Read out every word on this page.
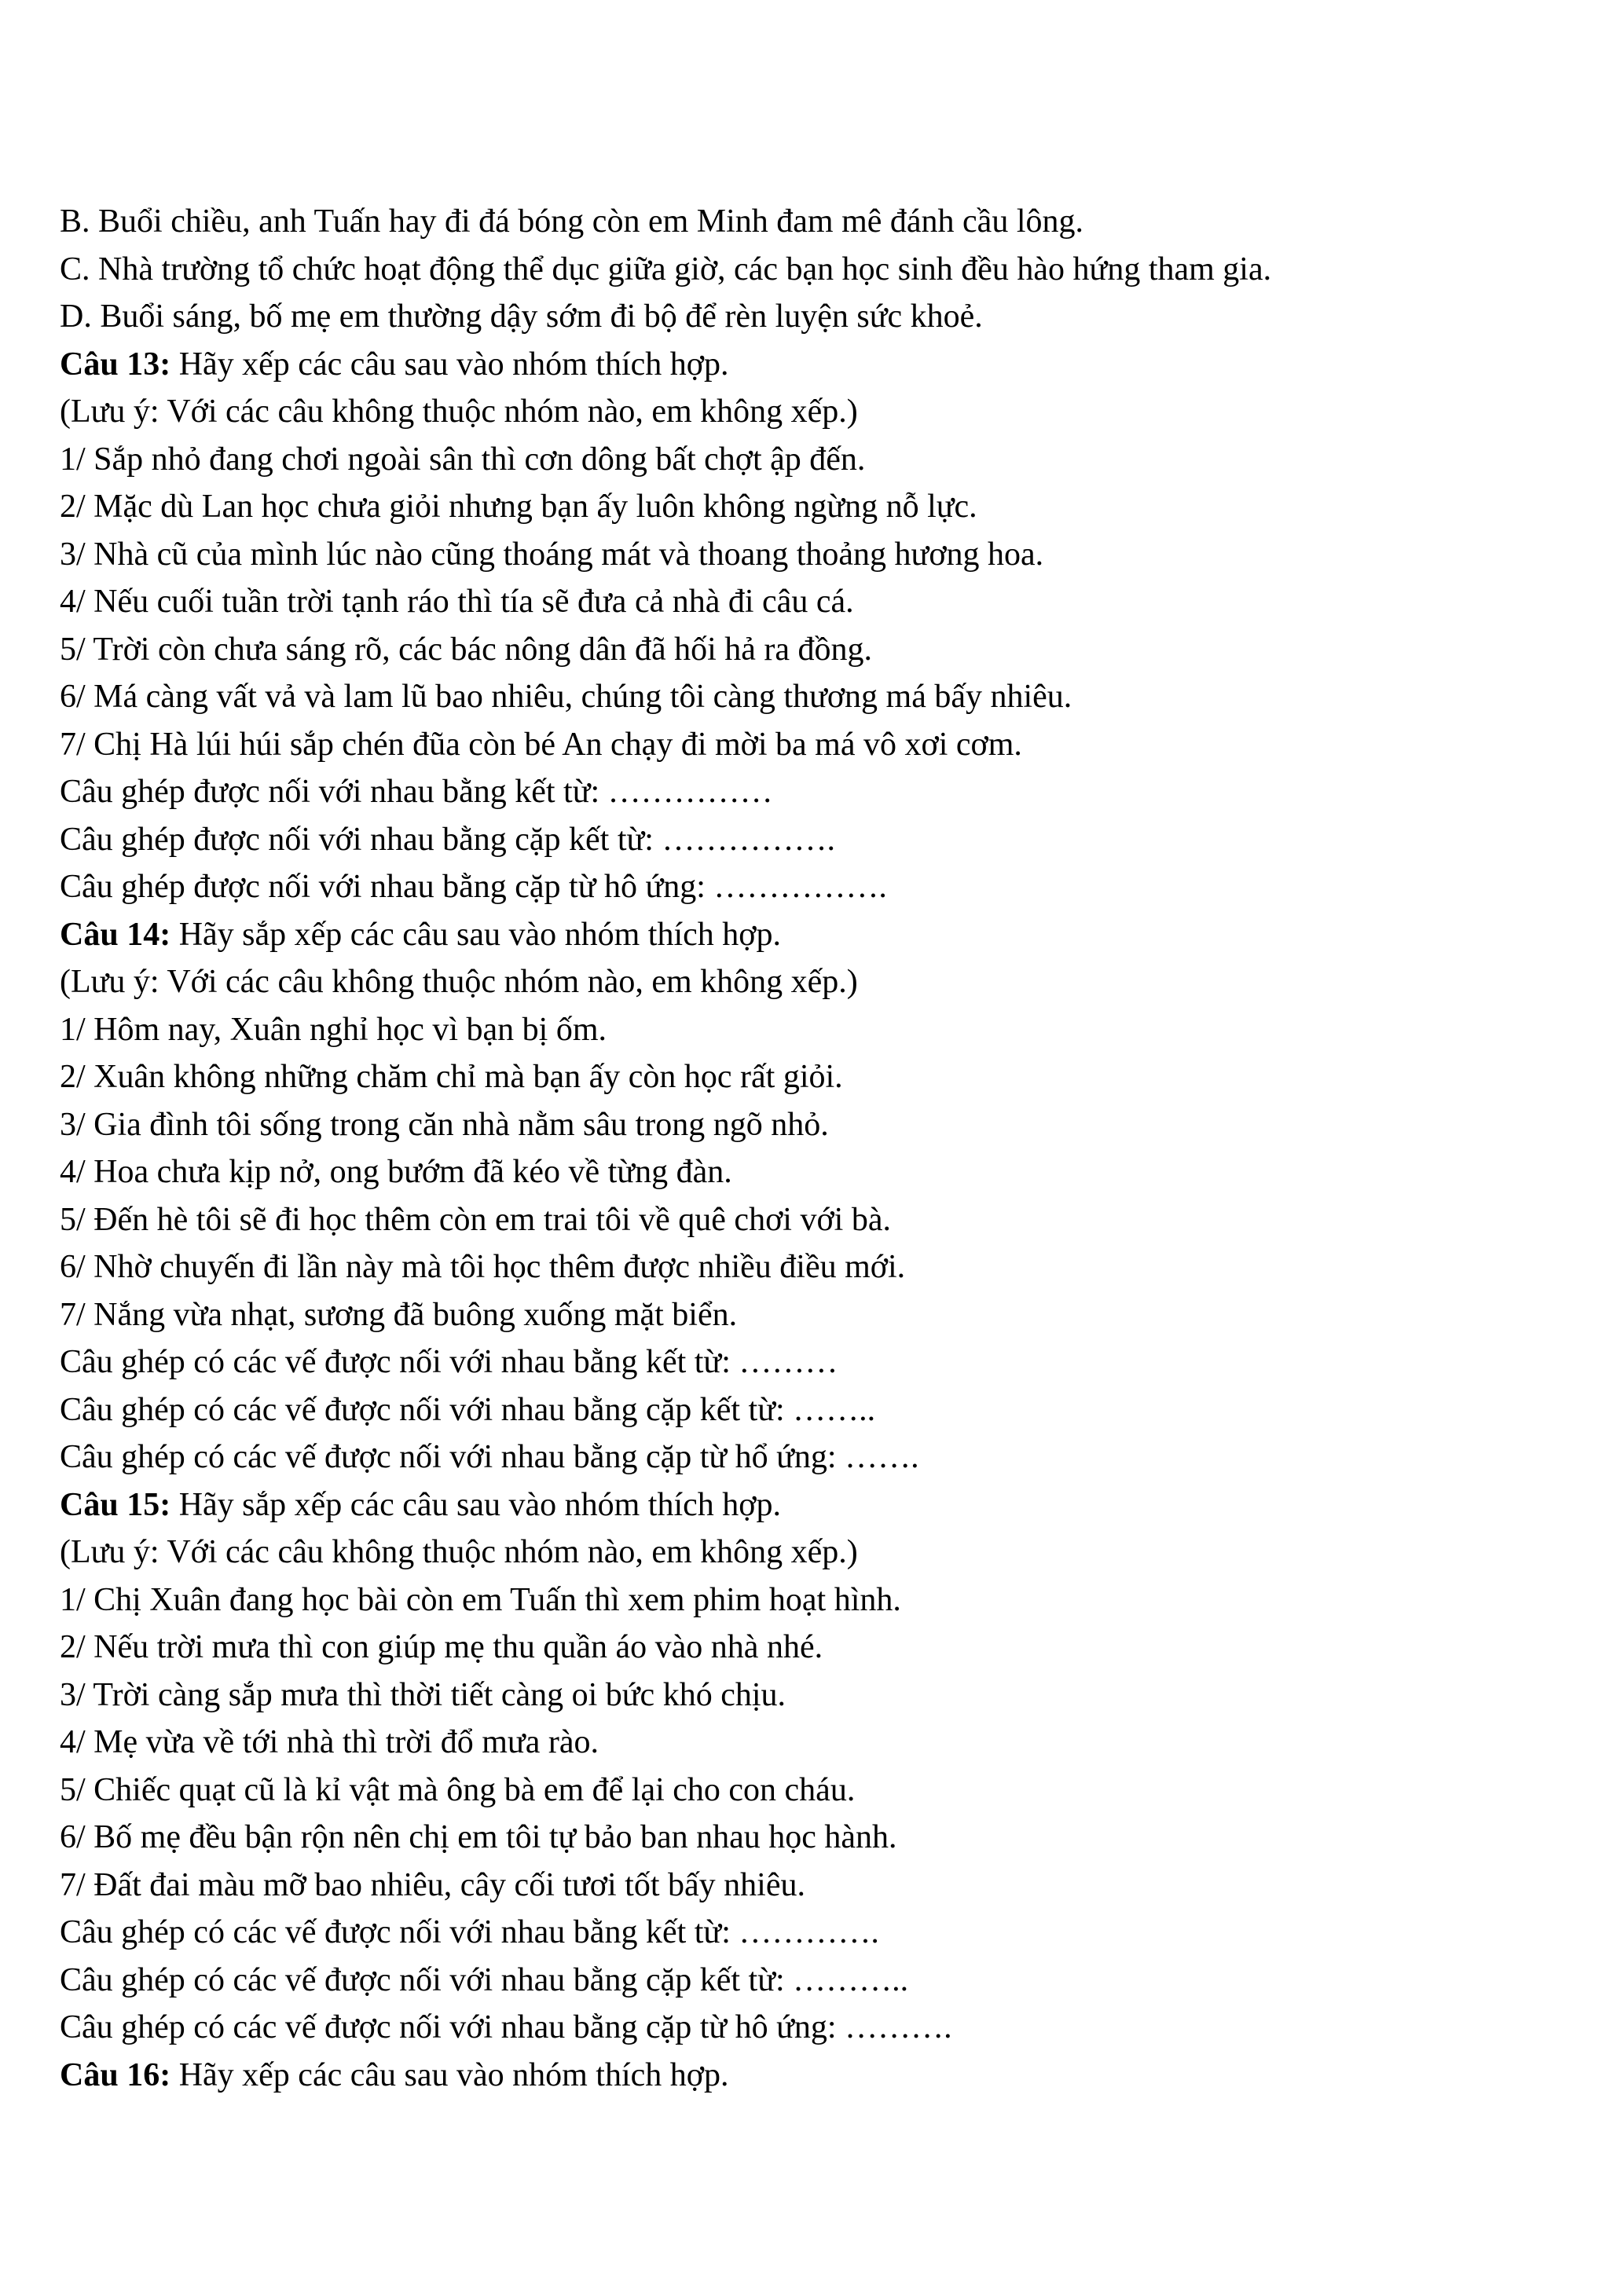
B. Buổi chiều, anh Tuấn hay đi đá bóng còn em Minh đam mê đánh cầu lông.
C. Nhà trường tổ chức hoạt động thể dục giữa giờ, các bạn học sinh đều hào hứng tham gia.
D. Buổi sáng, bố mẹ em thường dậy sớm đi bộ để rèn luyện sức khoẻ.
Câu 13: Hãy xếp các câu sau vào nhóm thích hợp.
(Lưu ý: Với các câu không thuộc nhóm nào, em không xếp.)
1/ Sắp nhỏ đang chơi ngoài sân thì cơn dông bất chợt ập đến.
2/ Mặc dù Lan học chưa giỏi nhưng bạn ấy luôn không ngừng nỗ lực.
3/ Nhà cũ của mình lúc nào cũng thoáng mát và thoang thoảng hương hoa.
4/ Nếu cuối tuần trời tạnh ráo thì tía sẽ đưa cả nhà đi câu cá.
5/ Trời còn chưa sáng rõ, các bác nông dân đã hối hả ra đồng.
6/ Má càng vất vả và lam lũ bao nhiêu, chúng tôi càng thương má bấy nhiêu.
7/ Chị Hà lúi húi sắp chén đũa còn bé An chạy đi mời ba má vô xơi cơm.
Câu ghép được nối với nhau bằng kết từ: ……………
Câu ghép được nối với nhau bằng cặp kết từ: …………….
Câu ghép được nối với nhau bằng cặp từ hô ứng: …………….
Câu 14: Hãy sắp xếp các câu sau vào nhóm thích hợp.
(Lưu ý: Với các câu không thuộc nhóm nào, em không xếp.)
1/ Hôm nay, Xuân nghỉ học vì bạn bị ốm.
2/ Xuân không những chăm chỉ mà bạn ấy còn học rất giỏi.
3/ Gia đình tôi sống trong căn nhà nằm sâu trong ngõ nhỏ.
4/ Hoa chưa kịp nở, ong bướm đã kéo về từng đàn.
5/ Đến hè tôi sẽ đi học thêm còn em trai tôi về quê chơi với bà.
6/ Nhờ chuyến đi lần này mà tôi học thêm được nhiều điều mới.
7/ Nắng vừa nhạt, sương đã buông xuống mặt biển.
Câu ghép có các vế được nối với nhau bằng kết từ: ………
Câu ghép có các vế được nối với nhau bằng cặp kết từ: ……..
Câu ghép có các vế được nối với nhau bằng cặp từ hổ ứng: …….
Câu 15: Hãy sắp xếp các câu sau vào nhóm thích hợp.
(Lưu ý: Với các câu không thuộc nhóm nào, em không xếp.)
1/ Chị Xuân đang học bài còn em Tuấn thì xem phim hoạt hình.
2/ Nếu trời mưa thì con giúp mẹ thu quần áo vào nhà nhé.
3/ Trời càng sắp mưa thì thời tiết càng oi bức khó chịu.
4/ Mẹ vừa về tới nhà thì trời đổ mưa rào.
5/ Chiếc quạt cũ là kỉ vật mà ông bà em để lại cho con cháu.
6/ Bố mẹ đều bận rộn nên chị em tôi tự bảo ban nhau học hành.
7/ Đất đai màu mỡ bao nhiêu, cây cối tươi tốt bấy nhiêu.
Câu ghép có các vế được nối với nhau bằng kết từ: ………….
Câu ghép có các vế được nối với nhau bằng cặp kết từ: ………..
Câu ghép có các vế được nối với nhau bằng cặp từ hô ứng: ……….
Câu 16: Hãy xếp các câu sau vào nhóm thích hợp.
